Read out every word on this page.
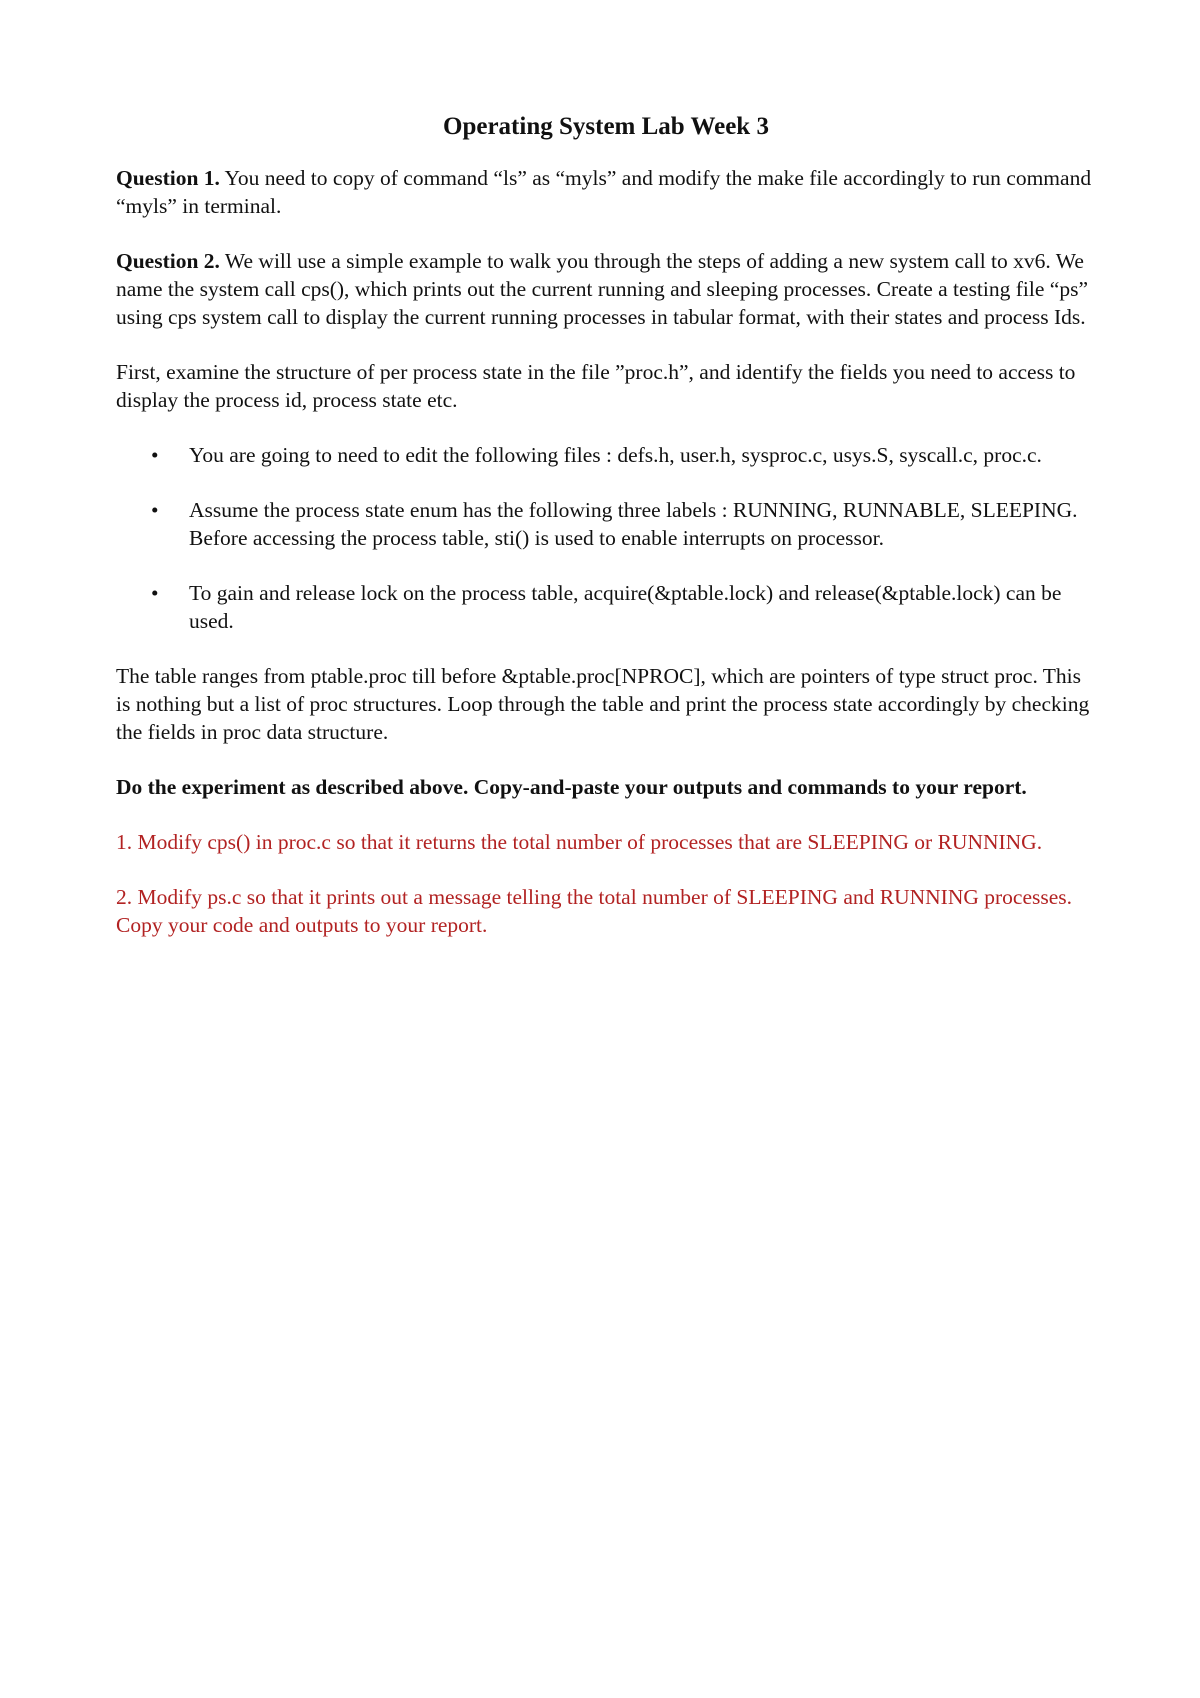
Operating System Lab Week 3

Question 1. You need to copy of command “ls” as “myls” and modify the make file accordingly to run command “myls” in terminal.

Question 2. We will use a simple example to walk you through the steps of adding a new system call to xv6. We name the system call cps(), which prints out the current running and sleeping processes. Create a testing file “ps” using cps system call to display the current running processes in tabular format, with their states and process Ids.

First, examine the structure of per process state in the file ”proc.h”, and identify the fields you need to access to display the process id, process state etc.

• You are going to need to edit the following files : defs.h, user.h, sysproc.c, usys.S, syscall.c, proc.c.
• Assume the process state enum has the following three labels : RUNNING, RUNNABLE, SLEEPING. Before accessing the process table, sti() is used to enable interrupts on processor.
• To gain and release lock on the process table, acquire(&ptable.lock) and release(&ptable.lock) can be used.

The table ranges from ptable.proc till before &ptable.proc[NPROC], which are pointers of type struct proc. This is nothing but a list of proc structures. Loop through the table and print the process state accordingly by checking the fields in proc data structure.

Do the experiment as described above. Copy-and-paste your outputs and commands to your report.

1. Modify cps() in proc.c so that it returns the total number of processes that are SLEEPING or RUNNING.

2. Modify ps.c so that it prints out a message telling the total number of SLEEPING and RUNNING processes. Copy your code and outputs to your report.
